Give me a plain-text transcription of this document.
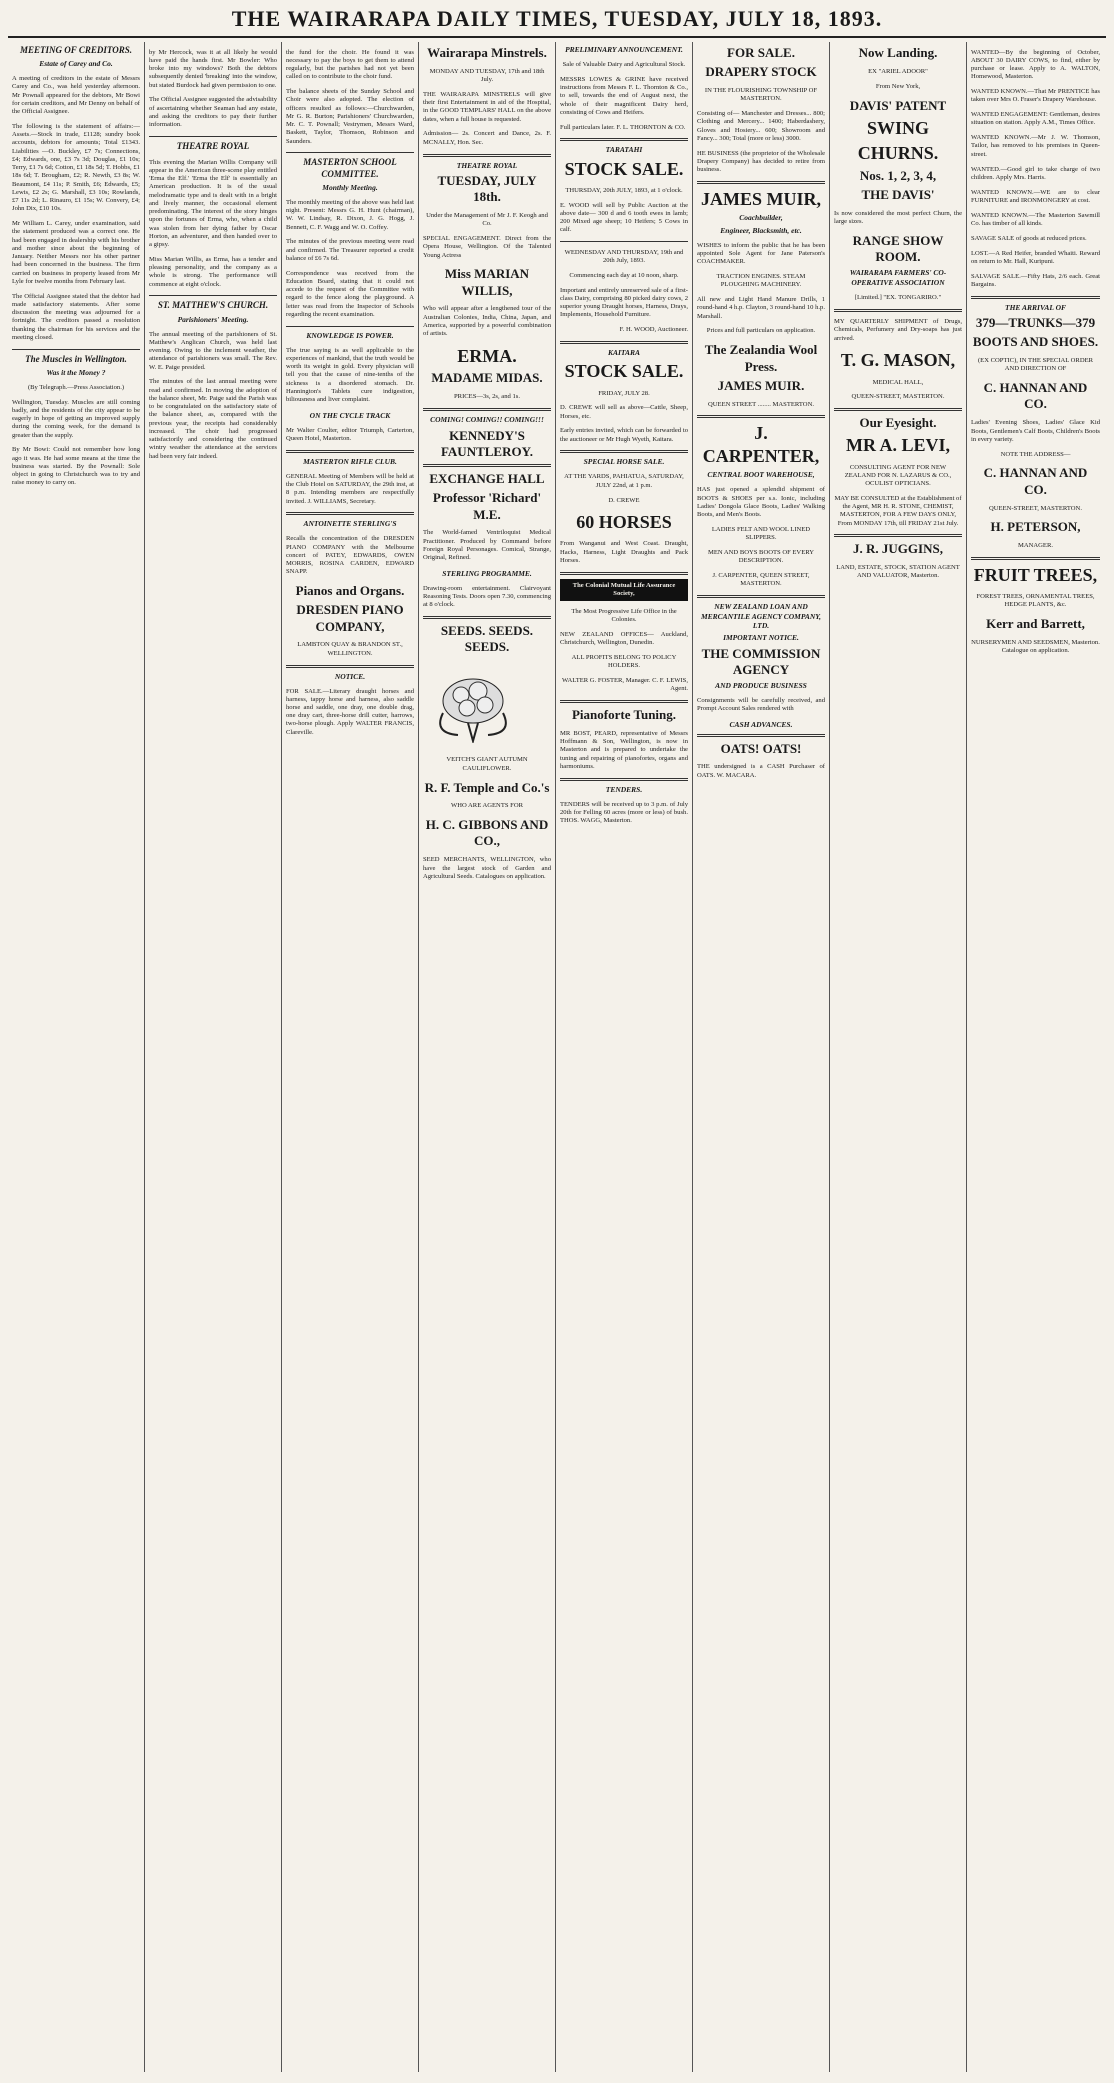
THE WAIRARAPA DAILY TIMES, TUESDAY, JULY 18, 1893.
MEETING OF CREDITORS.
Estate of Carey and Co.

A meeting of creditors in the estate of Messrs Carey and Co., was held yesterday afternoon. Mr Pownall appeared for the debtors, Mr Bowi for certain creditors, and Mr Denny on behalf of the Official Assignee.

The following is the statement of affairs:— Assets.—Stock in trade, £1128; sundry book accounts, debtors for amounts; Total £1343. Liabilities —O. Buckley, £7 7s; Connections, £4; Edwards, one, £3 7s 3d; Douglas, £1 10s; Terry, £1 7s 6d; Cotton, £1 18s 5d; T. Hobbs, £1 18s 6d; T. Brougham, £2; R. Newth, £3 8s; W. Beaumont, £4 11s; P. Smith, £6; Edwards, £5; Lewis, £2 2s; G. Marshall, £3 10s; Rowlands, £7 11s 2d; L. Rinauro, £1 15s; W. Convery, £4; John Dix, £10 10s.

Mr William L. Carey, under examination, said the statement produced was a correct one. He had been engaged in dealership with his brother and mother since about the beginning of January. Neither Messrs nor his other partner had been concerned in the business. The firm carried on business in property leased from Mr Lyle for twelve months from February last.

The Official Assignee stated that the debtor had made satisfactory statements. After some discussion the meeting was adjourned for a fortnight. The creditors passed a resolution thanking the chairman for his services and the meeting closed.

The Muscles in Wellington.
Was it the Money ?

(By Telegraph.—Press Association.)

Wellington, Tuesday. Muscles are still coming badly, and the residents of the city appear to be eagerly in hope of getting an improved supply during the coming week, for the demand is greater than the supply.

By Mr Bowi: Could not remember how long ago it was. He had some means at the time the business was started. By the Pownall: Sole object in going to Christchurch was to try and raise money to carry on.

by Mr Hercock, was it at all likely he would have paid the hands first. Mr Bowler: Who broke into my windows? Both the debtors subsequently denied 'breaking' into the window, but stated Burdock had given permission to one.

The Official Assignee suggested the advisability of ascertaining whether Seaman had any estate, and asking the creditors to pay their further information.

THEATRE ROYAL

This evening the Marian Willis Company will appear in the American three-scene play entitled 'Erma the Elf.' 'Erma the Elf' is essentially an American production. It is of the usual melodramatic type and is dealt with in a bright and lively manner, the occasional element predominating. The interest of the story hinges upon the fortunes of Erma, who, when a child was stolen from her dying father by Oscar Horton, an adventurer, and then handed over to a gipsy.

Miss Marian Willis, as Erma, has a tender and pleasing personality, and the company as a whole is strong. The performance will commence at eight o'clock.

ST. MATTHEW'S CHURCH.
Parishioners' Meeting.

The annual meeting of the parishioners of St. Matthew's Anglican Church, was held last evening. Owing to the inclement weather, the attendance of parishioners was small. The Rev. W. E. Paige presided.

The minutes of the last annual meeting were read and confirmed. In moving the adoption of the balance sheet, Mr. Paige said the Parish was to be congratulated on the satisfactory state of the balance sheet, as, compared with the previous year, the receipts had considerably increased. The choir had progressed satisfactorily and considering the continued wintry weather the attendance at the services had been very fair indeed.

the fund for the choir. He found it was necessary to pay the boys to get them to attend regularly, but the parishes had not yet been called on to contribute to the choir fund.

The balance sheets of the Sunday School and Choir were also adopted. The election of officers resulted as follows:—Churchwarden, Mr G. R. Burton; Parishioners' Churchwarden, Mr. C. T. Pownall; Vestrymen, Messrs Ward, Baskett, Taylor, Thomson, Robinson and Saunders.

MASTERTON SCHOOL COMMITTEE.
Monthly Meeting.

The monthly meeting of the above was held last night. Present: Messrs G. H. Hunt (chairman), W. W. Lindsay, R. Dixon, J. G. Hogg, J. Bennett, C. F. Wagg and W. O. Coffey.

The minutes of the previous meeting were read and confirmed. The Treasurer reported a credit balance of £6 7s 6d.

Correspondence was received from the Education Board, stating that it could not accede to the request of the Committee with regard to the fence along the playground. A letter was read from the Inspector of Schools regarding the recent examination.

KNOWLEDGE IS POWER.

The true saying is as well applicable to the experiences of mankind, that the truth would be worth its weight in gold. Every physician will tell you that the cause of nine-tenths of the sickness is a disordered stomach. Dr. Hannington's Tablets cure indigestion, biliousness and liver complaint.

ON THE CYCLE TRACK

Mr Walter Coulter, editor Triumph, Carterton, Queen Hotel, Masterton.

MASTERTON RIFLE CLUB.

GENERAL Meeting of Members will be held at the Club Hotel on SATURDAY, the 29th inst, at 8 p.m. Intending members are respectfully invited. J. WILLIAMS, Secretary.

ANTOINETTE STERLING'S

Recalls the concentration of the DRESDEN PIANO COMPANY with the Melbourne concert of PATEY, EDWARDS, OWEN MORRIS, ROSINA CARDEN, EDWARD SNAPP.

Pianos and Organs.
DRESDEN PIANO COMPANY,

LAMBTON QUAY & BRANDON ST., WELLINGTON.

NOTICE.

FOR SALE.—Literary draught horses and harness, tappy horse and harness, also saddle horse and saddle, one dray, one double drag, one dray cart, three-horse drill cutter, harrows, two-horse plough. Apply WALTER FRANCIS, Clareville.

Wairarapa Minstrels.

MONDAY AND TUESDAY, 17th and 18th July.

THE WAIRARAPA MINSTRELS will give their first Entertainment in aid of the Hospital, in the GOOD TEMPLARS' HALL on the above dates, when a full house is requested.

Admission— 2s. Concert and Dance, 2s. F. MCNALLY, Hon. Sec.

THEATRE ROYAL
TUESDAY, JULY 18th.

Under the Management of Mr J. F. Keogh and Co.

SPECIAL ENGAGEMENT. Direct from the Opera House, Wellington. Of the Talented Young Actress

Miss MARIAN WILLIS,

Who will appear after a lengthened tour of the Australian Colonies, India, China, Japan, and America, supported by a powerful combination of artists.

ERMA.
MADAME MIDAS.

PRICES—3s, 2s, and 1s.

COMING! COMING!! COMING!!!
KENNEDY'S FAUNTLEROY.
EXCHANGE HALL
Professor 'Richard' M.E.

The World-famed Ventriloquist Medical Practitioner. Produced by Command before Foreign Royal Personages. Comical, Strange, Original, Refined.

STERLING PROGRAMME.

Drawing-room entertainment. Clairvoyant Reasoning Tests. Doors open 7.30, commencing at 8 o'clock.

SEEDS. SEEDS. SEEDS.

VEITCH'S GIANT AUTUMN CAULIFLOWER.

R. F. Temple and Co.'s

WHO ARE AGENTS FOR

H. C. GIBBONS AND CO.,

SEED MERCHANTS, WELLINGTON, who have the largest stock of Garden and Agricultural Seeds. Catalogues on application.

PRELIMINARY ANNOUNCEMENT.

Sale of Valuable Dairy and Agricultural Stock.

MESSRS LOWES & GRINE have received instructions from Messrs F. L. Thornton & Co., to sell, towards the end of August next, the whole of their magnificent Dairy herd, consisting of Cows and Heifers.

Full particulars later. F. L. THORNTON & CO.

TARATAHI
STOCK SALE.

THURSDAY, 20th JULY, 1893, at 1 o'clock.

E. WOOD will sell by Public Auction at the above date— 300 d and 6 tooth ewes in lamb; 200 Mixed age sheep; 10 Heifers; 5 Cows in calf.

WEDNESDAY AND THURSDAY, 19th and 20th July, 1893.

Commencing each day at 10 noon, sharp.

Important and entirely unreserved sale of a first-class Dairy, comprising 80 picked dairy cows, 2 superior young Draught horses, Harness, Drays, Implements, Household Furniture.

F. H. WOOD, Auctioneer.

KAITARA
STOCK SALE.

FRIDAY, JULY 28.

D. CREWE will sell as above—Cattle, Sheep, Horses, etc.

Early entries invited, which can be forwarded to the auctioneer or Mr Hugh Wyeth, Kaitara.

SPECIAL HORSE SALE.

AT THE YARDS, PAHIATUA, SATURDAY, JULY 22nd, at 1 p.m.

D. CREWE

60 HORSES

From Wanganui and West Coast. Draught, Hacks, Harness, Light Draughts and Pack Horses.

The Colonial Mutual Life Assurance Society,

The Most Progressive Life Office in the Colonies.

NEW ZEALAND OFFICES— Auckland, Christchurch, Wellington, Dunedin.

ALL PROFITS BELONG TO POLICY HOLDERS.

WALTER G. FOSTER, Manager. C. F. LEWIS, Agent.

Pianoforte Tuning.

MR BOST, PEARD, representative of Messrs Hoffmann & Son, Wellington, is now in Masterton and is prepared to undertake the tuning and repairing of pianofortes, organs and harmoniums.

TENDERS.

TENDERS will be received up to 3 p.m. of July 20th for Felling 60 acres (more or less) of bush. THOS. WAGG, Masterton.

FOR SALE.
DRAPERY STOCK

IN THE FLOURISHING TOWNSHIP OF MASTERTON.

Consisting of— Manchester and Dresses... 800; Clothing and Mercery... 1400; Haberdashery, Gloves and Hosiery... 600; Showroom and Fancy... 300; Total (more or less) 3000.

HE BUSINESS (the proprietor of the Wholesale Drapery Company) has decided to retire from business.

JAMES MUIR,
Coachbuilder,
Engineer, Blacksmith, etc.

WISHES to inform the public that he has been appointed Sole Agent for Jane Paterson's COACHMAKER.

TRACTION ENGINES. STEAM PLOUGHING MACHINERY.

All new and Light Hand Manure Drills, 1 round-hand 4 h.p. Clayton, 3 round-hand 10 h.p. Marshall.

Prices and full particulars on application.

The Zealandia Wool Press.
JAMES MUIR.

QUEEN STREET ........ MASTERTON.

J. CARPENTER,
CENTRAL BOOT WAREHOUSE,

HAS just opened a splendid shipment of BOOTS & SHOES per s.s. Ionic, including Ladies' Dongola Glace Boots, Ladies' Walking Boots, and Men's Boots.

LADIES FELT AND WOOL LINED SLIPPERS.

MEN AND BOYS BOOTS OF EVERY DESCRIPTION.

J. CARPENTER, QUEEN STREET, MASTERTON.

NEW ZEALAND LOAN AND MERCANTILE AGENCY COMPANY, LTD.
IMPORTANT NOTICE.
THE COMMISSION AGENCY
AND PRODUCE BUSINESS

Consignments will be carefully received, and Prompt Account Sales rendered with

CASH ADVANCES.
OATS! OATS!

THE undersigned is a CASH Purchaser of OATS. W. MACARA.

Now Landing.

EX "ARIEL ADOOR"

From New York,

DAVIS' PATENT
SWING
CHURNS.
Nos. 1, 2, 3, 4,
THE DAVIS'

Is now considered the most perfect Churn, the large sizes.

RANGE SHOW ROOM.
WAIRARAPA FARMERS' CO-OPERATIVE ASSOCIATION

[Limited.] "EX. TONGARIRO."

MY QUARTERLY SHIPMENT of Drugs, Chemicals, Perfumery and Dry-soaps has just arrived.

T. G. MASON,

MEDICAL HALL,

QUEEN-STREET, MASTERTON.

Our Eyesight.
MR A. LEVI,

CONSULTING AGENT FOR NEW ZEALAND FOR N. LAZARUS & CO., OCULIST OPTICIANS.

MAY BE CONSULTED at the Establishment of the Agent, MR H. R. STONE, CHEMIST, MASTERTON, FOR A FEW DAYS ONLY, From MONDAY 17th, till FRIDAY 21st July.

J. R. JUGGINS,

LAND, ESTATE, STOCK, STATION AGENT AND VALUATOR, Masterton.

WANTED—By the beginning of October, ABOUT 30 DAIRY COWS, to find, either by purchase or lease. Apply to A. WALTON, Homewood, Masterton.

WANTED KNOWN.—That Mr PRENTICE has taken over Mrs O. Fraser's Drapery Warehouse.

WANTED ENGAGEMENT: Gentleman, desires situation on station. Apply A.M., Times Office.

WANTED KNOWN.—Mr J. W. Thomson, Tailor, has removed to his premises in Queen-street.

WANTED.—Good girl to take charge of two children. Apply Mrs. Harris.

WANTED KNOWN.—WE are to clear FURNITURE and IRONMONGERY at cost.

WANTED KNOWN.—The Masterton Sawmill Co. has timber of all kinds.

SAVAGE SALE of goods at reduced prices.

LOST.—A Red Heifer, branded Whaiti. Reward on return to Mr. Hall, Kuripuni.

SALVAGE SALE.—Fifty Hats, 2/6 each. Great Bargains.

THE ARRIVAL OF
379—TRUNKS—379
BOOTS AND SHOES.

(EX COPTIC), IN THE SPECIAL ORDER AND DIRECTION OF

C. HANNAN AND CO.

Ladies' Evening Shoes, Ladies' Glace Kid Boots, Gentlemen's Calf Boots, Children's Boots in every variety.

NOTE THE ADDRESS—

C. HANNAN AND CO.

QUEEN-STREET, MASTERTON.

H. PETERSON,

MANAGER.

FRUIT TREES,

FOREST TREES, ORNAMENTAL TREES, HEDGE PLANTS, &c.

Kerr and Barrett,

NURSERYMEN AND SEEDSMEN, Masterton. Catalogue on application.
